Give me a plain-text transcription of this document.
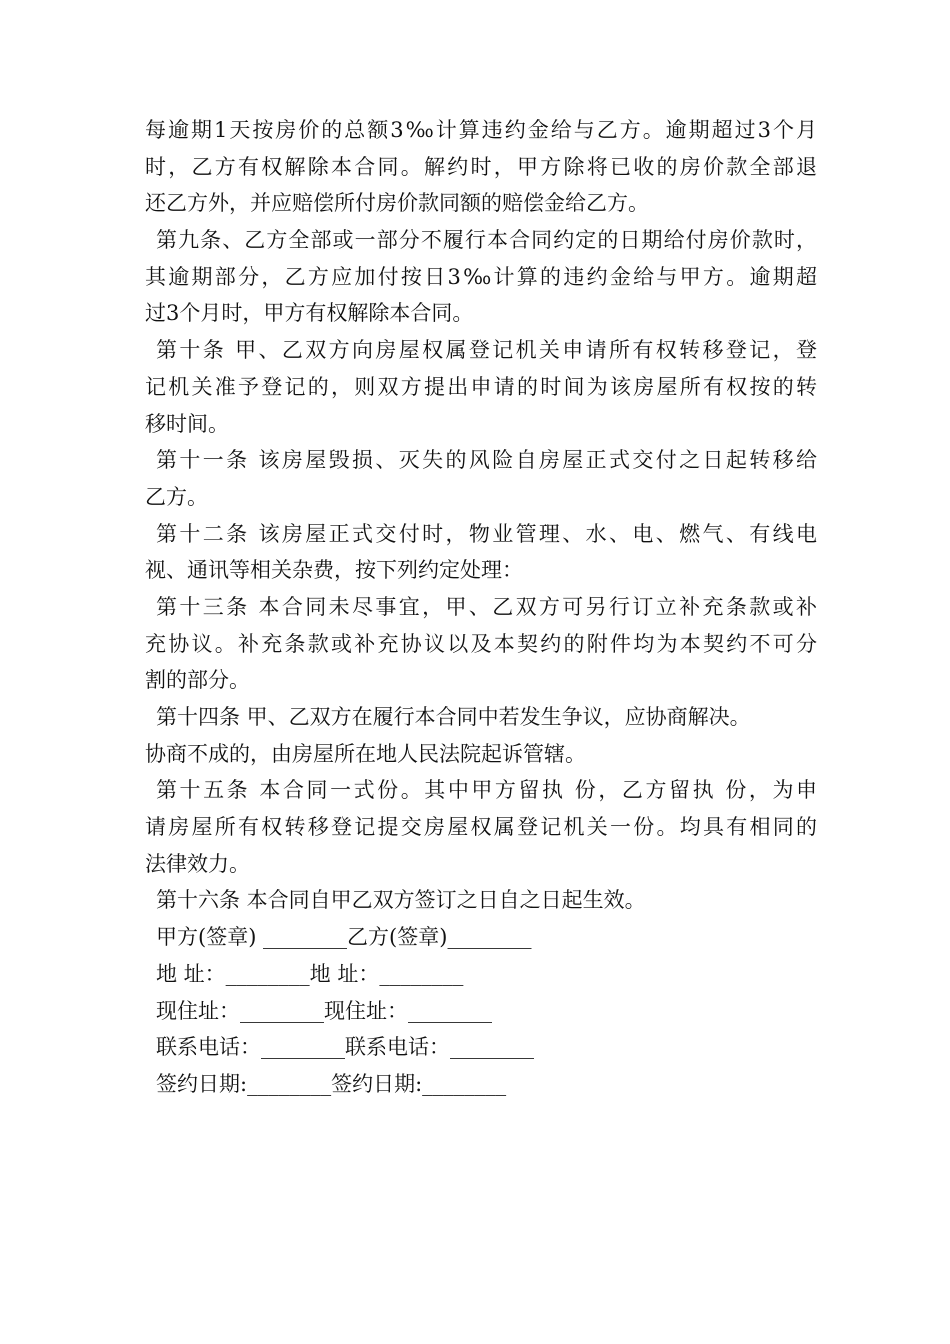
每逾期1天按房价的总额3‰计算违约金给与乙方。逾期超过3个月
时，乙方有权解除本合同。解约时，甲方除将已收的房价款全部退
还乙方外，并应赔偿所付房价款同额的赔偿金给乙方。
第九条、乙方全部或一部分不履行本合同约定的日期给付房价款时，
其逾期部分，乙方应加付按日3‰计算的违约金给与甲方。逾期超
过3个月时，甲方有权解除本合同。
第十条 甲、乙双方向房屋权属登记机关申请所有权转移登记，登
记机关准予登记的，则双方提出申请的时间为该房屋所有权按的转
移时间。
第十一条 该房屋毁损、灭失的风险自房屋正式交付之日起转移给
乙方。
第十二条 该房屋正式交付时，物业管理、水、电、燃气、有线电
视、通讯等相关杂费，按下列约定处理：
第十三条 本合同未尽事宜，甲、乙双方可另行订立补充条款或补
充协议。补充条款或补充协议以及本契约的附件均为本契约不可分
割的部分。
第十四条 甲、乙双方在履行本合同中若发生争议，应协商解决。
协商不成的，由房屋所在地人民法院起诉管辖。
第十五条 本合同一式份。其中甲方留执 份，乙方留执 份，为申
请房屋所有权转移登记提交房屋权属登记机关一份。均具有相同的
法律效力。
第十六条 本合同自甲乙双方签订之日自之日起生效。
甲方(签章) ________乙方(签章)________
地 址：________地 址：________
现住址：________现住址：________
联系电话：________联系电话：________
签约日期:________签约日期:________
